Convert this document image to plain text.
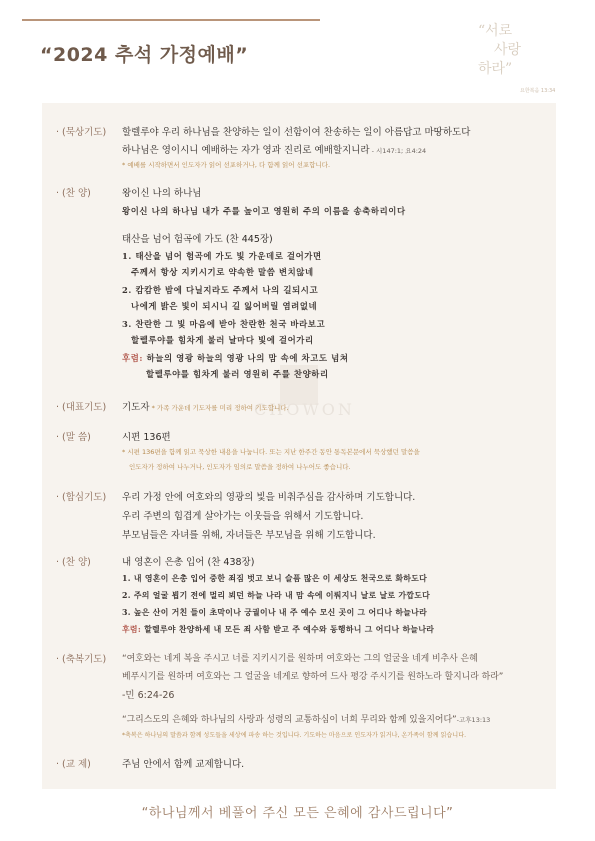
“2024 추석 가정예배”
“서로
사랑
하라”
요한복음 13:34
CHOWON
· (묵상기도) 할렐루야 우리 하나님을 찬양하는 일이 선함이여 찬송하는 일이 아름답고 마땅하도다
하나님은 영이시니 예배하는 자가 영과 진리로 예배할지니라 - 시147:1; 요4:24
* 예배를 시작하면서 인도자가 읽어 선포하거나, 다 함께 읽어 선포합니다.
· (찬 양)	왕이신 나의 하나님
왕이신 나의 하나님 내가 주를 높이고 영원히 주의 이름을 송축하리이다
태산을 넘어 험곡에 가도 (찬 445장)
1. 태산을 넘어 험곡에 가도 빛 가운데로 걸어가면
주께서 항상 지키시기로 약속한 말씀 변치않네
2. 캄캄한 밤에 다닐지라도 주께서 나의 길되시고
나에게 밝은 빛이 되시니 길 잃어버릴 염려없네
3. 찬란한 그 빛 마음에 받아 찬란한 천국 바라보고
할렐루야를 힘차게 불러 날마다 빛에 걸어가리
후렴: 하늘의 영광 하늘의 영광 나의 맘 속에 차고도 넘쳐
할렐루야를 힘차게 불러 영원히 주를 찬양하리
· (대표기도) 기도자 * 가족 가운데 기도자를 미리 정하여 기도합니다.
· (말 씀)	시편 136편
* 시편 136편을 함께 읽고 묵상한 내용을 나눕니다. 또는 지난 한주간 동안 통독본문에서 묵상했던 말씀을
인도자가 정하여 나누거나, 인도자가 임의로 말씀을 정하여 나누어도 좋습니다.
· (합심기도) 우리 가정 안에 여호와의 영광의 빛을 비춰주심을 감사하며 기도합니다.
우리 주변의 힘겹게 살아가는 이웃들을 위해서 기도합니다.
부모님들은 자녀를 위해, 자녀들은 부모님을 위해 기도합니다.
· (찬 양)	내 영혼이 은총 입어 (찬 438장)
1. 내 영혼이 은총 입어 중한 죄짐 벗고 보니 슬픔 많은 이 세상도 천국으로 화하도다
2. 주의 얼굴 뵙기 전에 멀리 뵈던 하늘 나라 내 맘 속에 이뤄지니 날로 날로 가깝도다
3. 높은 산이 거친 들이 초막이나 궁궐이나 내 주 예수 모신 곳이 그 어디나 하늘나라
후렴: 할렐루야 찬양하세 내 모든 죄 사함 받고 주 예수와 동행하니 그 어디나 하늘나라
· (축복기도) “여호와는 네게 복을 주시고 너를 지키시기를 원하며 여호와는 그의 얼굴을 네게 비추사 은혜
베푸시기를 원하며 여호와는 그 얼굴을 네게로 향하여 드사 평강 주시기를 원하노라 할지니라 하라”
-민 6:24-26
“그리스도의 은혜와 하나님의 사랑과 성령의 교통하심이 너희 무리와 함께 있을지어다”-고후13:13
*축복은 하나님의 말씀과 함께 성도들을 세상에 파송 하는 것입니다. 기도하는 마음으로 인도자가 읽거나, 온가족이 함께 읽습니다.
· (교 제)	주님 안에서 함께 교제합니다.
“하나님께서 베풀어 주신 모든 은혜에 감사드립니다”
